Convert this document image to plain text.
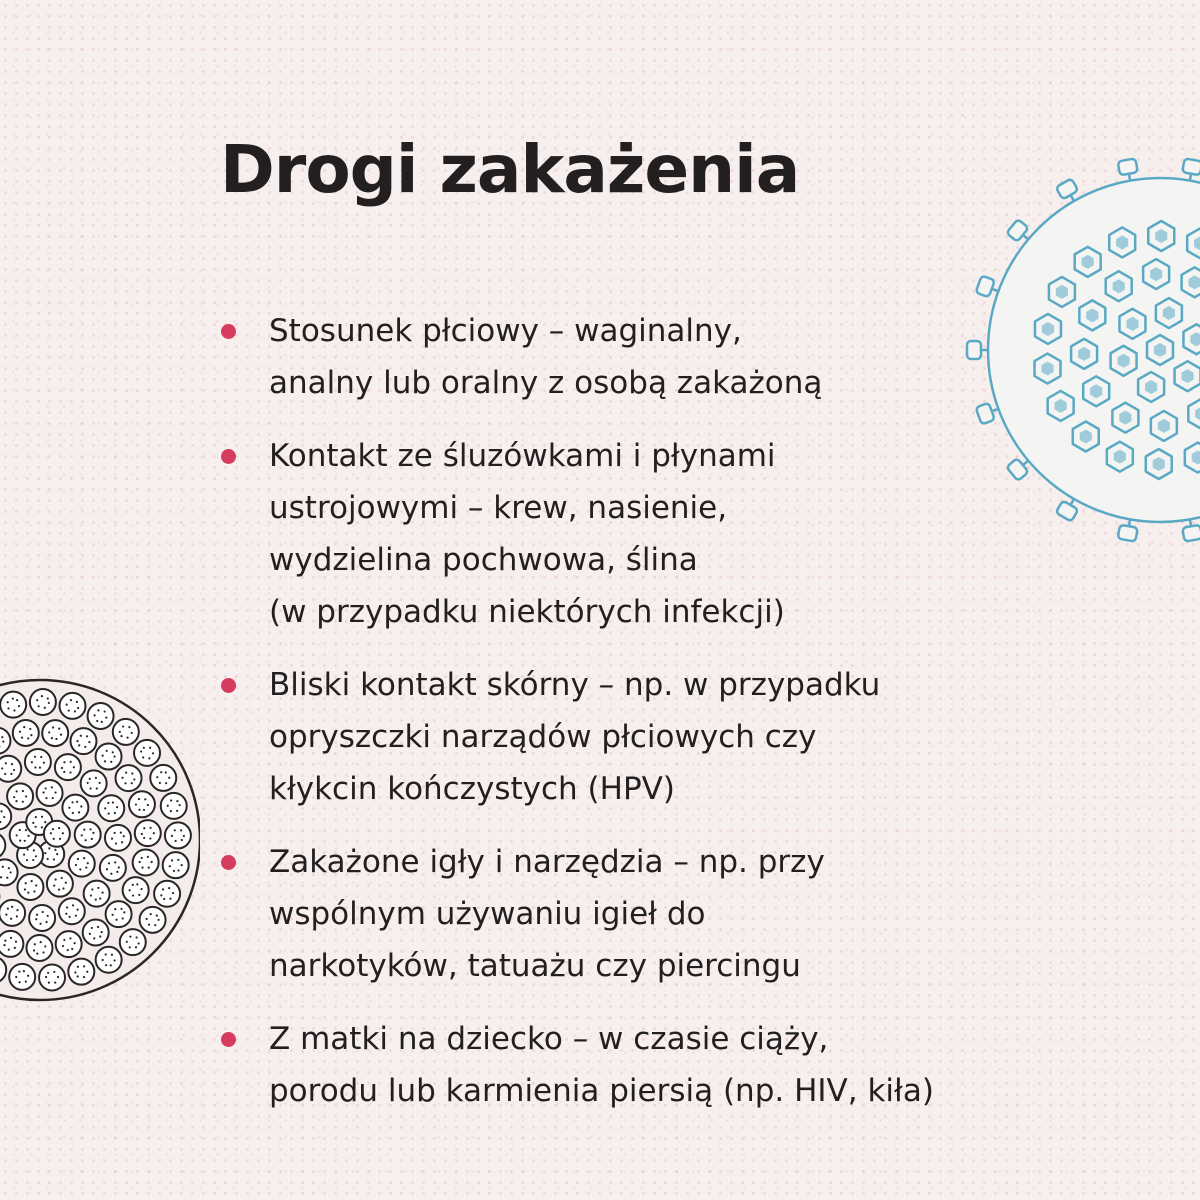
Drogi zakażenia
Stosunek płciowy – waginalny,
analny lub oralny z osobą zakażoną
Kontakt ze śluzówkami i płynami
ustrojowymi – krew, nasienie,
wydzielina pochwowa, ślina
(w przypadku niektórych infekcji)
Bliski kontakt skórny – np. w przypadku
opryszczki narządów płciowych czy
kłykcin kończystych (HPV)
Zakażone igły i narzędzia – np. przy
wspólnym używaniu igieł do
narkotyków, tatuażu czy piercingu
Z matki na dziecko – w czasie ciąży,
porodu lub karmienia piersią (np. HIV, kiła)
